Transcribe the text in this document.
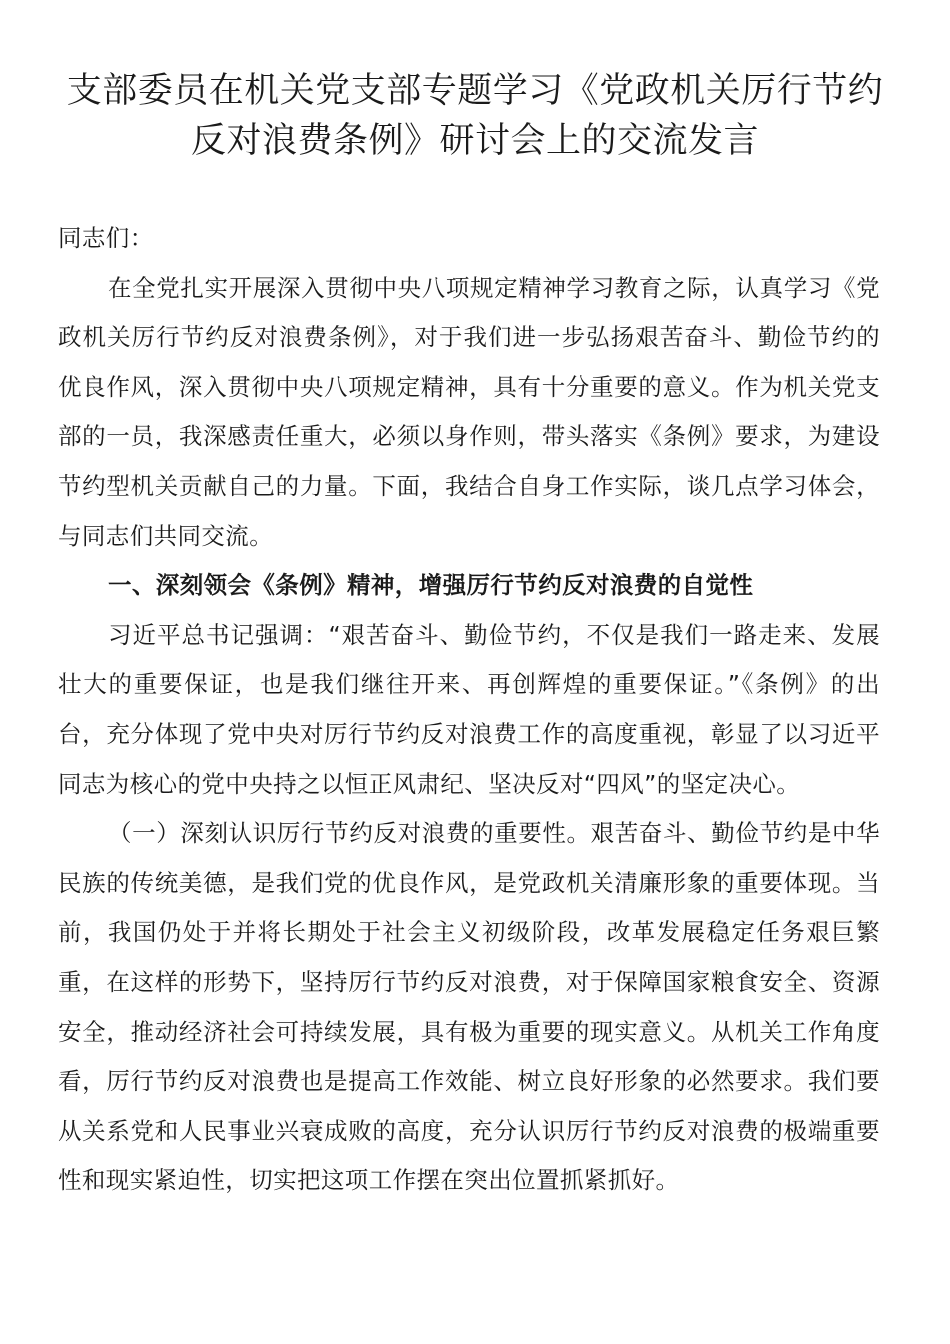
支部委员在机关党支部专题学习《党政机关厉行节约
反对浪费条例》研讨会上的交流发言

同志们：

在全党扎实开展深入贯彻中央八项规定精神学习教育之际，认真学习《党政机关厉行节约反对浪费条例》，对于我们进一步弘扬艰苦奋斗、勤俭节约的优良作风，深入贯彻中央八项规定精神，具有十分重要的意义。作为机关党支部的一员，我深感责任重大，必须以身作则，带头落实《条例》要求，为建设节约型机关贡献自己的力量。下面，我结合自身工作实际，谈几点学习体会，与同志们共同交流。

一、深刻领会《条例》精神，增强厉行节约反对浪费的自觉性

习近平总书记强调：“艰苦奋斗、勤俭节约，不仅是我们一路走来、发展壮大的重要保证，也是我们继往开来、再创辉煌的重要保证。”《条例》的出台，充分体现了党中央对厉行节约反对浪费工作的高度重视，彰显了以习近平同志为核心的党中央持之以恒正风肃纪、坚决反对“四风”的坚定决心。

（一）深刻认识厉行节约反对浪费的重要性。艰苦奋斗、勤俭节约是中华民族的传统美德，是我们党的优良作风，是党政机关清廉形象的重要体现。当前，我国仍处于并将长期处于社会主义初级阶段，改革发展稳定任务艰巨繁重，在这样的形势下，坚持厉行节约反对浪费，对于保障国家粮食安全、资源安全，推动经济社会可持续发展，具有极为重要的现实意义。从机关工作角度看，厉行节约反对浪费也是提高工作效能、树立良好形象的必然要求。我们要从关系党和人民事业兴衰成败的高度，充分认识厉行节约反对浪费的极端重要性和现实紧迫性，切实把这项工作摆在突出位置抓紧抓好。
